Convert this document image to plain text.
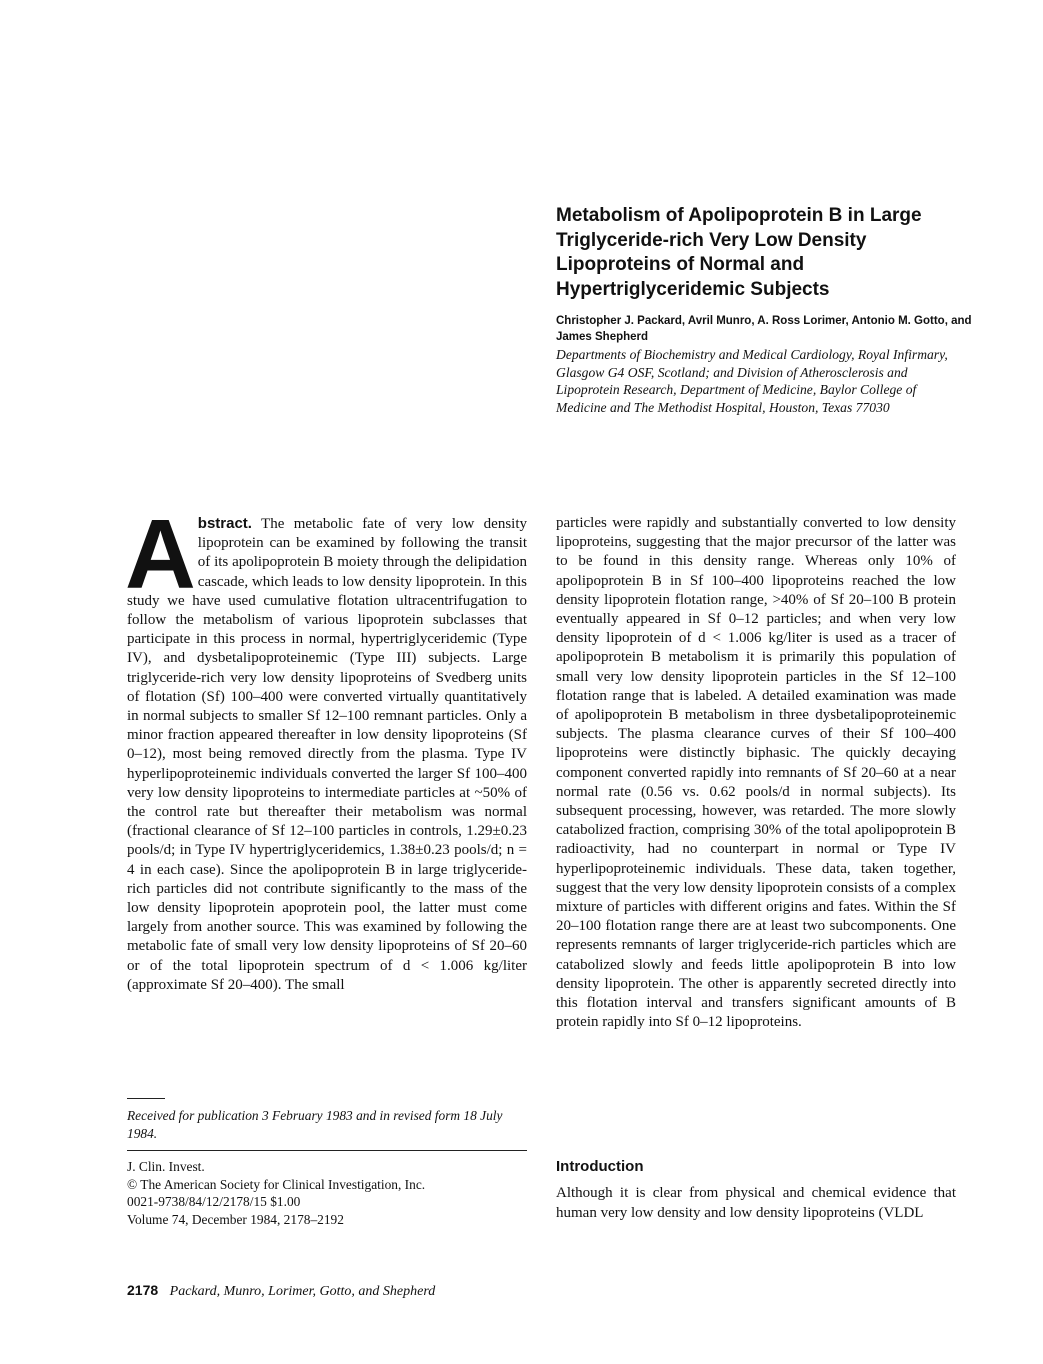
Metabolism of Apolipoprotein B in Large Triglyceride-rich Very Low Density Lipoproteins of Normal and Hypertriglyceridemic Subjects
Christopher J. Packard, Avril Munro, A. Ross Lorimer, Antonio M. Gotto, and James Shepherd
Departments of Biochemistry and Medical Cardiology, Royal Infirmary, Glasgow G4 OSF, Scotland; and Division of Atherosclerosis and Lipoprotein Research, Department of Medicine, Baylor College of Medicine and The Methodist Hospital, Houston, Texas 77030
A bstract. The metabolic fate of very low density lipoprotein can be examined by following the transit of its apolipoprotein B moiety through the delipidation cascade, which leads to low density lipoprotein. In this study we have used cumulative flotation ultracentrifugation to follow the metabolism of various lipoprotein subclasses that participate in this process in normal, hypertriglyceridemic (Type IV), and dysbetalipoproteinemic (Type III) subjects. Large triglyceride-rich very low density lipoproteins of Svedberg units of flotation (Sf) 100–400 were converted virtually quantitatively in normal subjects to smaller Sf 12–100 remnant particles. Only a minor fraction appeared thereafter in low density lipoproteins (Sf 0–12), most being removed directly from the plasma. Type IV hyperlipoproteinemic individuals converted the larger Sf 100–400 very low density lipoproteins to intermediate particles at ~50% of the control rate but thereafter their metabolism was normal (fractional clearance of Sf 12–100 particles in controls, 1.29±0.23 pools/d; in Type IV hypertriglyceridemics, 1.38±0.23 pools/d; n = 4 in each case). Since the apolipoprotein B in large triglyceride-rich particles did not contribute significantly to the mass of the low density lipoprotein apoprotein pool, the latter must come largely from another source. This was examined by following the metabolic fate of small very low density lipoproteins of Sf 20–60 or of the total lipoprotein spectrum of d < 1.006 kg/liter (approximate Sf 20–400). The small
particles were rapidly and substantially converted to low density lipoproteins, suggesting that the major precursor of the latter was to be found in this density range. Whereas only 10% of apolipoprotein B in Sf 100–400 lipoproteins reached the low density lipoprotein flotation range, >40% of Sf 20–100 B protein eventually appeared in Sf 0–12 particles; and when very low density lipoprotein of d < 1.006 kg/liter is used as a tracer of apolipoprotein B metabolism it is primarily this population of small very low density lipoprotein particles in the Sf 12–100 flotation range that is labeled. A detailed examination was made of apolipoprotein B metabolism in three dysbetalipoproteinemic subjects. The plasma clearance curves of their Sf 100–400 lipoproteins were distinctly biphasic. The quickly decaying component converted rapidly into remnants of Sf 20–60 at a near normal rate (0.56 vs. 0.62 pools/d in normal subjects). Its subsequent processing, however, was retarded. The more slowly catabolized fraction, comprising 30% of the total apolipoprotein B radioactivity, had no counterpart in normal or Type IV hyperlipoproteinemic individuals. These data, taken together, suggest that the very low density lipoprotein consists of a complex mixture of particles with different origins and fates. Within the Sf 20–100 flotation range there are at least two subcomponents. One represents remnants of larger triglyceride-rich particles which are catabolized slowly and feeds little apolipoprotein B into low density lipoprotein. The other is apparently secreted directly into this flotation interval and transfers significant amounts of B protein rapidly into Sf 0–12 lipoproteins.
Received for publication 3 February 1983 and in revised form 18 July 1984.
J. Clin. Invest.
© The American Society for Clinical Investigation, Inc.
0021-9738/84/12/2178/15 $1.00
Volume 74, December 1984, 2178–2192
Introduction
Although it is clear from physical and chemical evidence that human very low density and low density lipoproteins (VLDL
2178 Packard, Munro, Lorimer, Gotto, and Shepherd
